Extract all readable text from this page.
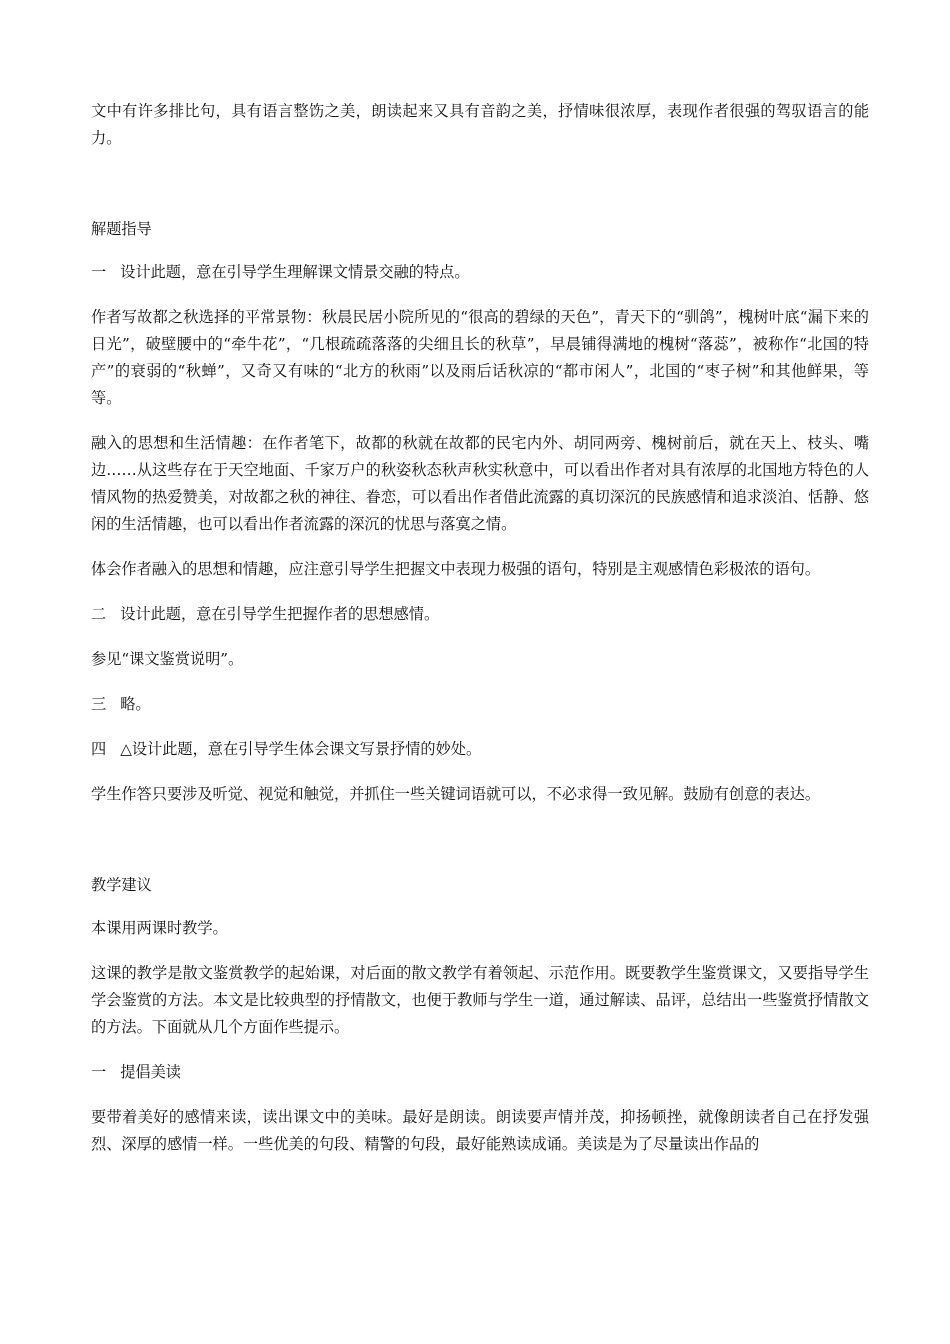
文中有许多排比句，具有语言整饬之美，朗读起来又具有音韵之美，抒情味很浓厚，表现作者很强的驾驭语言的能力。

解题指导

一 设计此题，意在引导学生理解课文情景交融的特点。

作者写故都之秋选择的平常景物：秋晨民居小院所见的“很高的碧绿的天色”，青天下的“驯鸽”，槐树叶底“漏下来的日光”，破壁腰中的“牵牛花”，“几根疏疏落落的尖细且长的秋草”，早晨铺得满地的槐树“落蕊”，被称作“北国的特产”的衰弱的“秋蝉”，又奇又有味的“北方的秋雨”以及雨后话秋凉的“都市闲人”，北国的“枣子树”和其他鲜果，等等。

融入的思想和生活情趣：在作者笔下，故都的秋就在故都的民宅内外、胡同两旁、槐树前后，就在天上、枝头、嘴边……从这些存在于天空地面、千家万户的秋姿秋态秋声秋实秋意中，可以看出作者对具有浓厚的北国地方特色的人情风物的热爱赞美，对故都之秋的神往、眷恋，可以看出作者借此流露的真切深沉的民族感情和追求淡泊、恬静、悠闲的生活情趣，也可以看出作者流露的深沉的忧思与落寞之情。

体会作者融入的思想和情趣，应注意引导学生把握文中表现力极强的语句，特别是主观感情色彩极浓的语句。

二 设计此题，意在引导学生把握作者的思想感情。

参见“课文鉴赏说明”。

三 略。

四 △设计此题，意在引导学生体会课文写景抒情的妙处。

学生作答只要涉及听觉、视觉和触觉，并抓住一些关键词语就可以，不必求得一致见解。鼓励有创意的表达。

教学建议

本课用两课时教学。

这课的教学是散文鉴赏教学的起始课，对后面的散文教学有着领起、示范作用。既要教学生鉴赏课文，又要指导学生学会鉴赏的方法。本文是比较典型的抒情散文，也便于教师与学生一道，通过解读、品评，总结出一些鉴赏抒情散文的方法。下面就从几个方面作些提示。

一 提倡美读

要带着美好的感情来读，读出课文中的美味。最好是朗读。朗读要声情并茂，抑扬顿挫，就像朗读者自己在抒发强烈、深厚的感情一样。一些优美的句段、精警的句段，最好能熟读成诵。美读是为了尽量读出作品的
